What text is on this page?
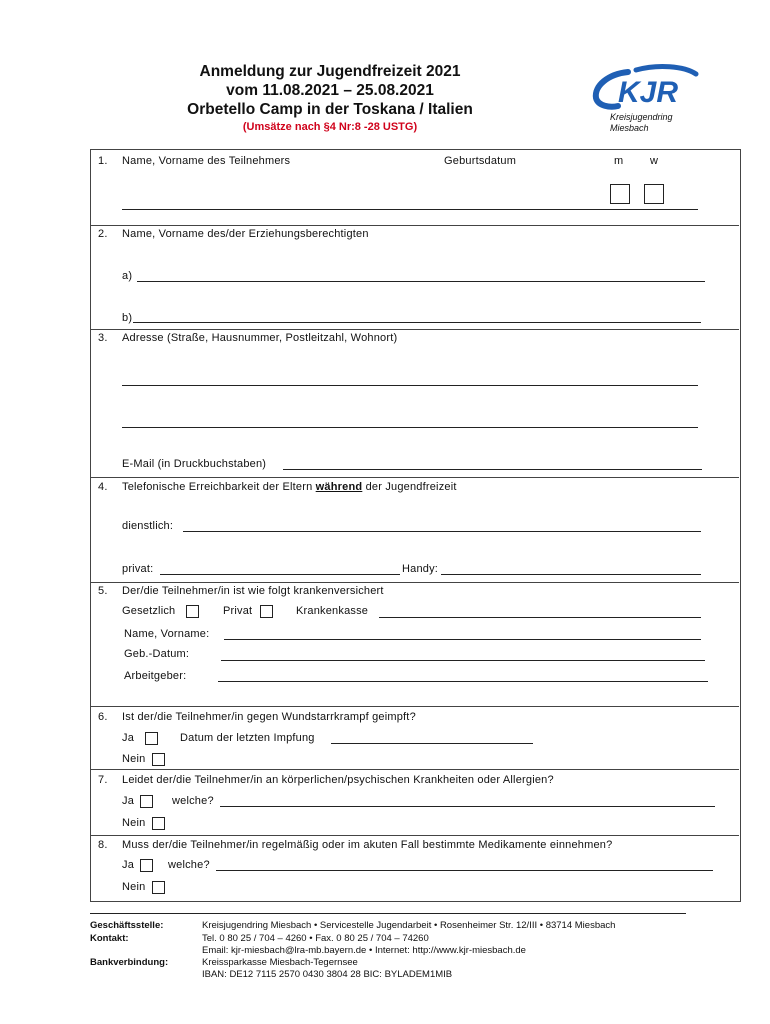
Anmeldung zur Jugendfreizeit 2021
vom 11.08.2021 – 25.08.2021
Orbetello Camp in der Toskana / Italien
(Umsätze nach §4 Nr:8 -28 USTG)
KJR
Kreisjugendring
Miesbach
1. Name, Vorname des Teilnehmers	Geburtsdatum	m w
2. Name, Vorname des/der Erziehungsberechtigten
a)
b)
3. Adresse (Straße, Hausnummer, Postleitzahl, Wohnort)
E-Mail (in Druckbuchstaben)
4. Telefonische Erreichbarkeit der Eltern während der Jugendfreizeit
dienstlich:
privat:	Handy:
5. Der/die Teilnehmer/in ist wie folgt krankenversichert
Gesetzlich	Privat	Krankenkasse
Name, Vorname:
Geb.-Datum:
Arbeitgeber:
6. Ist der/die Teilnehmer/in gegen Wundstarrkrampf geimpft?
Ja	Datum der letzten Impfung
Nein
7. Leidet der/die Teilnehmer/in an körperlichen/psychischen Krankheiten oder Allergien?
Ja	welche?
Nein
8. Muss der/die Teilnehmer/in regelmäßig oder im akuten Fall bestimmte Medikamente einnehmen?
Ja	welche?
Nein
Geschäftsstelle:	Kreisjugendring Miesbach • Servicestelle Jugendarbeit • Rosenheimer Str. 12/III • 83714 Miesbach
Kontakt:	Tel. 0 80 25 / 704 – 4260 • Fax. 0 80 25 / 704 – 74260
Email: kjr-miesbach@lra-mb.bayern.de • Internet: http://www.kjr-miesbach.de
Bankverbindung:	Kreissparkasse Miesbach-Tegernsee
IBAN: DE12 7115 2570 0430 3804 28 BIC: BYLADEM1MIB
